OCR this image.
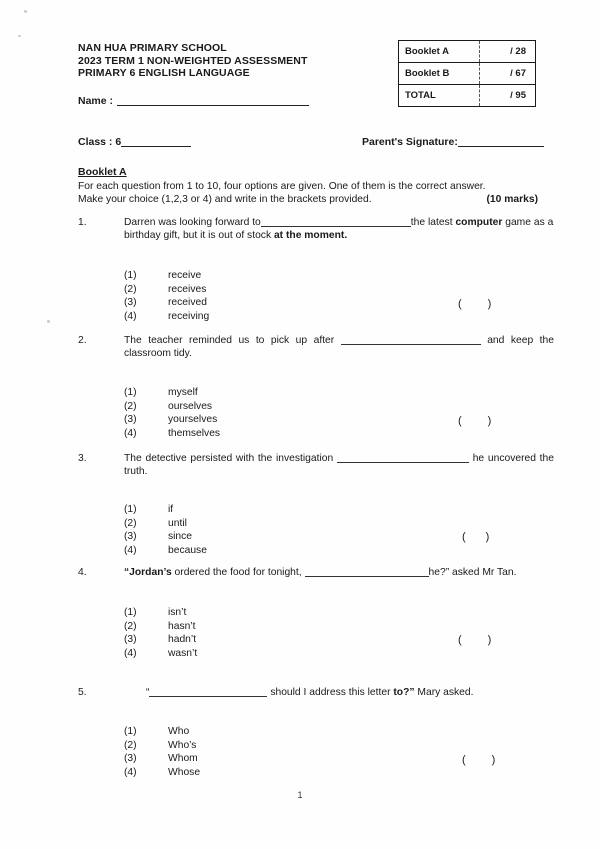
NAN HUA PRIMARY SCHOOL
2023 TERM 1 NON-WEIGHTED ASSESSMENT
PRIMARY 6 ENGLISH LANGUAGE
Name :
Class : 6	Parent's Signature:
Booklet A		/ 28
Booklet B		/ 67
TOTAL		/ 95
Booklet A
For each question from 1 to 10, four options are given. One of them is the correct answer.

(10 marks)
Make your choice (1,2,3 or 4) and write in the brackets provided.
1.	Darren was looking forward to	the latest computer game as a birthday gift, but it is out of stock at the moment.
(1)	receive
(2)	receives
(3)	received
(4)	receiving
( )
2.	The teacher reminded us to pick up after	and keep the classroom tidy.
(1)	myself
(2)	ourselves
(3)	yourselves
(4)	themselves
( )
3.	The detective persisted with the investigation	he uncovered the truth.
(1)	if
(2)	until
(3)	since
(4)	because
( )
4.	“Jordan’s ordered the food for tonight,	he?” asked Mr Tan.
(1)	isn’t
(2)	hasn’t
(3)	hadn’t
(4)	wasn’t
( )
5.	“	should I address this letter to?” Mary asked.
(1)	Who
(2)	Who’s
(3)	Whom
(4)	Whose
( )
1
